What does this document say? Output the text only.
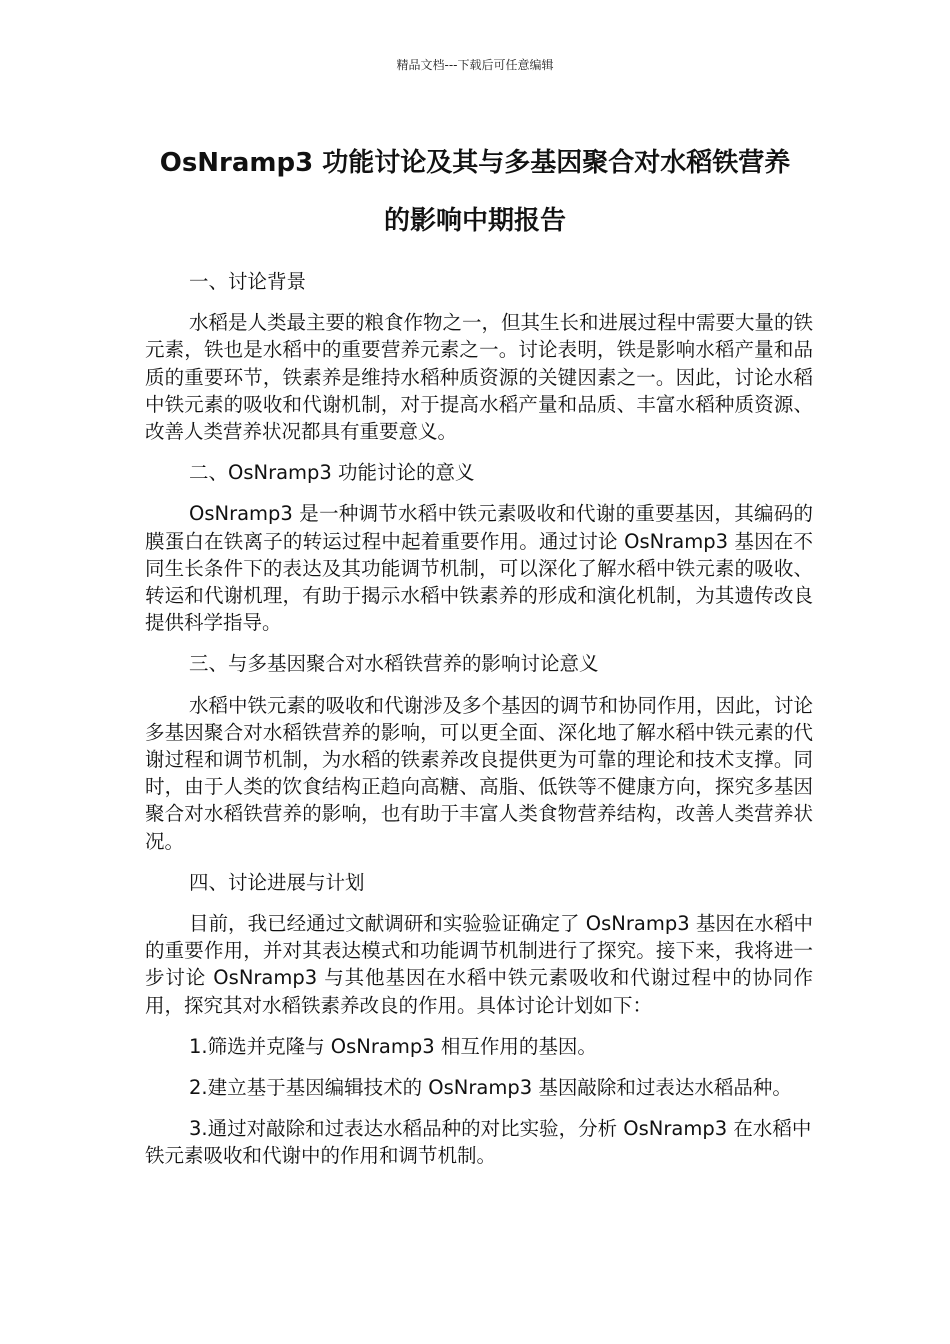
精品文档---下载后可任意编辑
OsNramp3 功能讨论及其与多基因聚合对水稻铁营养
的影响中期报告
一、讨论背景

水稻是人类最主要的粮食作物之一，但其生长和进展过程中需要大量的铁元素，铁也是水稻中的重要营养元素之一。讨论表明，铁是影响水稻产量和品质的重要环节，铁素养是维持水稻种质资源的关键因素之一。因此，讨论水稻中铁元素的吸收和代谢机制，对于提高水稻产量和品质、丰富水稻种质资源、改善人类营养状况都具有重要意义。

二、OsNramp3 功能讨论的意义

OsNramp3 是一种调节水稻中铁元素吸收和代谢的重要基因，其编码的膜蛋白在铁离子的转运过程中起着重要作用。通过讨论 OsNramp3 基因在不同生长条件下的表达及其功能调节机制，可以深化了解水稻中铁元素的吸收、转运和代谢机理，有助于揭示水稻中铁素养的形成和演化机制，为其遗传改良提供科学指导。

三、与多基因聚合对水稻铁营养的影响讨论意义

水稻中铁元素的吸收和代谢涉及多个基因的调节和协同作用，因此，讨论多基因聚合对水稻铁营养的影响，可以更全面、深化地了解水稻中铁元素的代谢过程和调节机制，为水稻的铁素养改良提供更为可靠的理论和技术支撑。同时，由于人类的饮食结构正趋向高糖、高脂、低铁等不健康方向，探究多基因聚合对水稻铁营养的影响，也有助于丰富人类食物营养结构，改善人类营养状况。

四、讨论进展与计划

目前，我已经通过文献调研和实验验证确定了 OsNramp3 基因在水稻中的重要作用，并对其表达模式和功能调节机制进行了探究。接下来，我将进一步讨论 OsNramp3 与其他基因在水稻中铁元素吸收和代谢过程中的协同作用，探究其对水稻铁素养改良的作用。具体讨论计划如下：

1.筛选并克隆与 OsNramp3 相互作用的基因。
2.建立基于基因编辑技术的 OsNramp3 基因敲除和过表达水稻品种。
3.通过对敲除和过表达水稻品种的对比实验，分析 OsNramp3 在水稻中铁元素吸收和代谢中的作用和调节机制。
